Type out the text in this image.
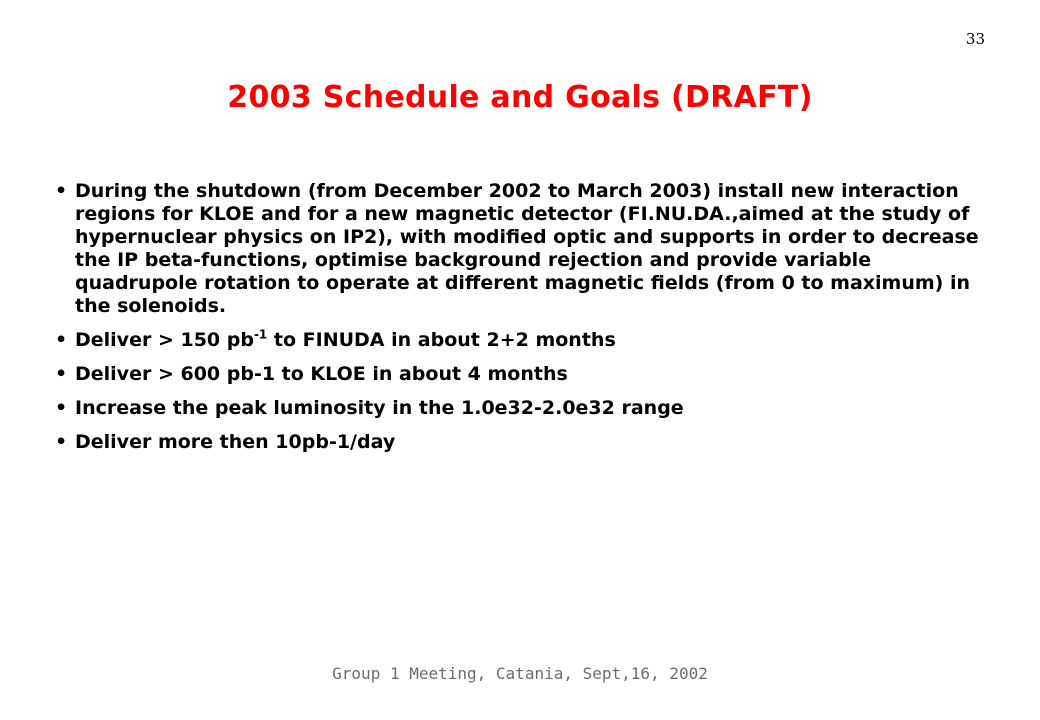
33
2003 Schedule and Goals (DRAFT)
• During the shutdown (from December 2002 to March 2003) install new interaction regions for KLOE and for a new magnetic detector (FI.NU.DA.,aimed at the study of hypernuclear physics on IP2), with modified optic and supports in order to decrease the IP beta-functions, optimise background rejection and provide variable quadrupole rotation to operate at different magnetic fields (from 0 to maximum) in the solenoids.
• Deliver > 150 $pb^{-1}$ to FINUDA in about 2+2 months
• Deliver > 600 pb-1 to KLOE in about 4 months
• Increase the peak luminosity in the 1.0e32-2.0e32 range
• Deliver more then 10pb-1/day
Group 1 Meeting, Catania, Sept,16, 2002
